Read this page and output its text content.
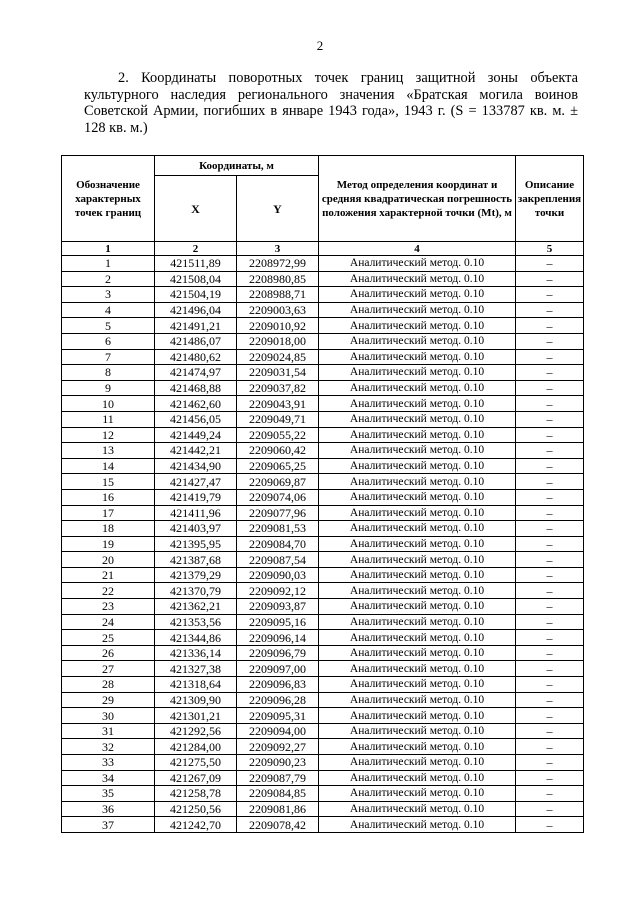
2
2. Координаты поворотных точек границ защитной зоны объекта культурного наследия регионального значения «Братская могила воинов Советской Армии, погибших в январе 1943 года», 1943 г. (S = 133787 кв. м. ± 128 кв. м.)
Обозначение характерных точек границ	Координаты, м		Метод определения координат и средняя квадратическая погрешность положения характерной точки (Mt), м	Описание закрепления точки
	X	Y		
1	2	3	4	5
1	421511,89	2208972,99	Аналитический метод. 0.10	–
2	421508,04	2208980,85	Аналитический метод. 0.10	–
3	421504,19	2208988,71	Аналитический метод. 0.10	–
4	421496,04	2209003,63	Аналитический метод. 0.10	–
5	421491,21	2209010,92	Аналитический метод. 0.10	–
6	421486,07	2209018,00	Аналитический метод. 0.10	–
7	421480,62	2209024,85	Аналитический метод. 0.10	–
8	421474,97	2209031,54	Аналитический метод. 0.10	–
9	421468,88	2209037,82	Аналитический метод. 0.10	–
10	421462,60	2209043,91	Аналитический метод. 0.10	–
11	421456,05	2209049,71	Аналитический метод. 0.10	–
12	421449,24	2209055,22	Аналитический метод. 0.10	–
13	421442,21	2209060,42	Аналитический метод. 0.10	–
14	421434,90	2209065,25	Аналитический метод. 0.10	–
15	421427,47	2209069,87	Аналитический метод. 0.10	–
16	421419,79	2209074,06	Аналитический метод. 0.10	–
17	421411,96	2209077,96	Аналитический метод. 0.10	–
18	421403,97	2209081,53	Аналитический метод. 0.10	–
19	421395,95	2209084,70	Аналитический метод. 0.10	–
20	421387,68	2209087,54	Аналитический метод. 0.10	–
21	421379,29	2209090,03	Аналитический метод. 0.10	–
22	421370,79	2209092,12	Аналитический метод. 0.10	–
23	421362,21	2209093,87	Аналитический метод. 0.10	–
24	421353,56	2209095,16	Аналитический метод. 0.10	–
25	421344,86	2209096,14	Аналитический метод. 0.10	–
26	421336,14	2209096,79	Аналитический метод. 0.10	–
27	421327,38	2209097,00	Аналитический метод. 0.10	–
28	421318,64	2209096,83	Аналитический метод. 0.10	–
29	421309,90	2209096,28	Аналитический метод. 0.10	–
30	421301,21	2209095,31	Аналитический метод. 0.10	–
31	421292,56	2209094,00	Аналитический метод. 0.10	–
32	421284,00	2209092,27	Аналитический метод. 0.10	–
33	421275,50	2209090,23	Аналитический метод. 0.10	–
34	421267,09	2209087,79	Аналитический метод. 0.10	–
35	421258,78	2209084,85	Аналитический метод. 0.10	–
36	421250,56	2209081,86	Аналитический метод. 0.10	–
37	421242,70	2209078,42	Аналитический метод. 0.10	–
